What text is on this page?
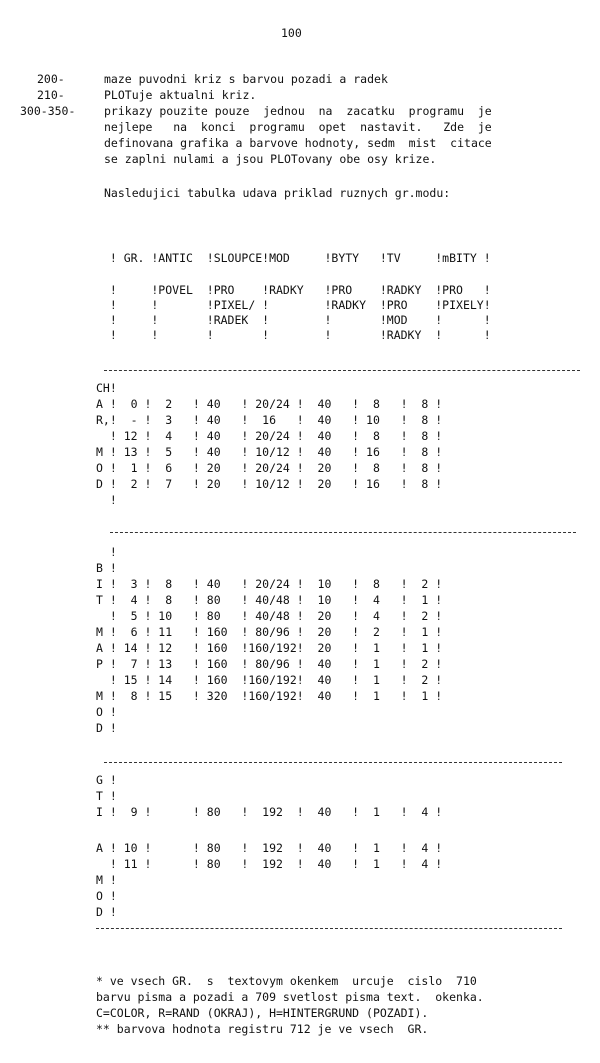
100
200-	maze puvodni kriz s barvou pozadi a radek
210-	PLOTuje aktualni kriz.
300-350- prikazy pouzite pouze  jednou  na  zacatku  programu  je
nejlepe   na  konci  programu  opet  nastavit.   Zde  je
definovana grafika a barvove hodnoty, sedm  mist  citace
se zaplni nulami a jsou PLOTovany obe osy krize.
Nasledujici tabulka udava priklad ruznych gr.modu:
! GR. !ANTIC  !SLOUPCE!MOD     !BYTY   !TV     !mBITY !
!     !POVEL  !PRO    !RADKY   !PRO    !RADKY  !PRO   !
!     !       !PIXEL/ !        !RADKY  !PRO    !PIXELY!
!     !       !RADEK  !        !       !MOD    !      !
!     !       !       !        !       !RADKY  !      !
CH!
A !  0 !  2   ! 40   ! 20/24 !  40   !  8   !  8 !
R,!  - !  3   ! 40   !  16   !  40   ! 10   !  8 !
! 12 !  4   ! 40   ! 20/24 !  40   !  8   !  8 !
M ! 13 !  5   ! 40   ! 10/12 !  40   ! 16   !  8 !
O !  1 !  6   ! 20   ! 20/24 !  20   !  8   !  8 !
D !  2 !  7   ! 20   ! 10/12 !  20   ! 16   !  8 !
!
!
B !
I !  3 !  8   ! 40   ! 20/24 !  10   !  8   !  2 !
T !  4 !  8   ! 80   ! 40/48 !  10   !  4   !  1 !
!  5 ! 10   ! 80   ! 40/48 !  20   !  4   !  2 !
M !  6 ! 11   ! 160  ! 80/96 !  20   !  2   !  1 !
A ! 14 ! 12   ! 160  !160/192!  20   !  1   !  1 !
P !  7 ! 13   ! 160  ! 80/96 !  40   !  1   !  2 !
! 15 ! 14   ! 160  !160/192!  40   !  1   !  2 !
M !  8 ! 15   ! 320  !160/192!  40   !  1   !  1 !
O !
D !
G !
T !
I !  9 !      ! 80   !  192  !  40   !  1   !  4 !
A ! 10 !      ! 80   !  192  !  40   !  1   !  4 !
! 11 !      ! 80   !  192  !  40   !  1   !  4 !
M !
O !
D !
* ve vsech GR.  s  textovym okenkem  urcuje  cislo  710
barvu pisma a pozadi a 709 svetlost pisma text.  okenka.
C=COLOR, R=RAND (OKRAJ), H=HINTERGRUND (POZADI).
** barvova hodnota registru 712 je ve vsech  GR.
